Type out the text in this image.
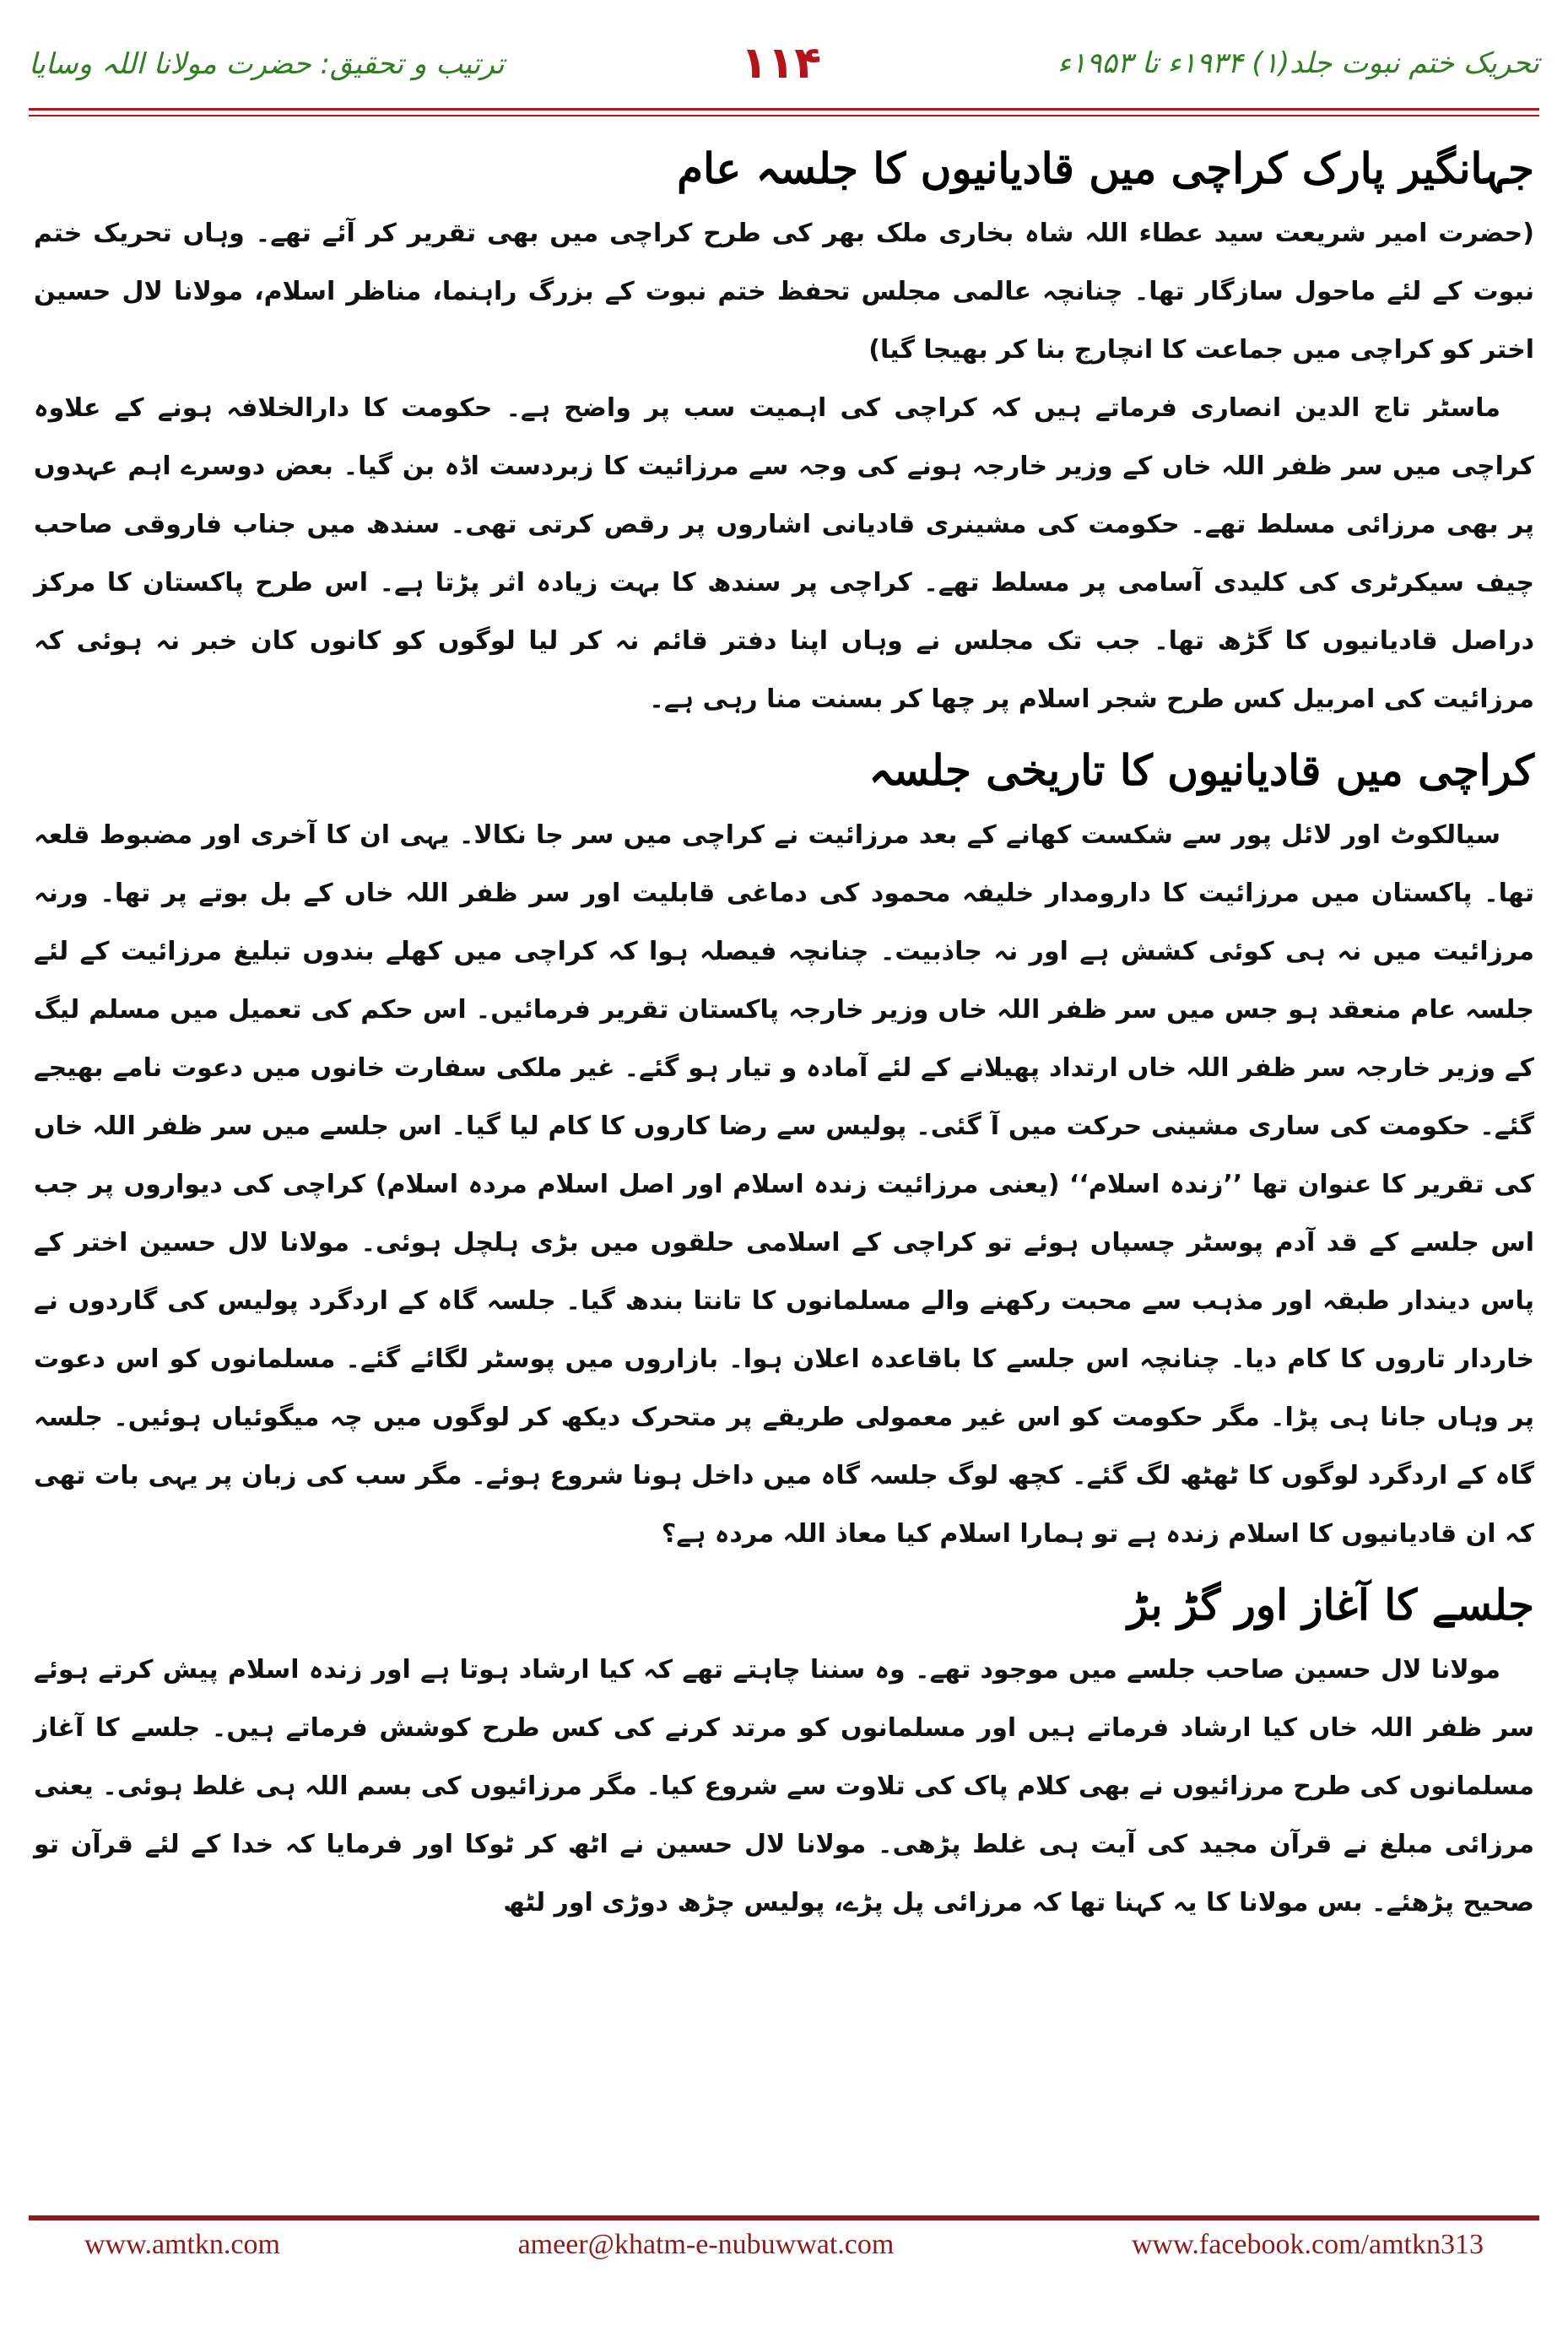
ترتیب و تحقیق: حضرت مولانا اللہ وسایا	۱۱۴	تحریک ختم نبوت جلد(۱) ۱۹۳۴ء تا ۱۹۵۳ء
جہانگیر پارک کراچی میں قادیانیوں کا جلسہ عام

(حضرت امیر شریعت سید عطاء اللہ شاہ بخاری ملک بھر کی طرح کراچی میں بھی تقریر کر آئے تھے۔ وہاں تحریک ختم نبوت کے لئے ماحول سازگار تھا۔ چنانچہ عالمی مجلس تحفظ ختم نبوت کے بزرگ راہنما، مناظر اسلام، مولانا لال حسین اختر کو کراچی میں جماعت کا انچارج بنا کر بھیجا گیا)

ماسٹر تاج الدین انصاری فرماتے ہیں کہ کراچی کی اہمیت سب پر واضح ہے۔ حکومت کا دارالخلافہ ہونے کے علاوہ کراچی میں سر ظفر اللہ خاں کے وزیر خارجہ ہونے کی وجہ سے مرزائیت کا زبردست اڈہ بن گیا۔ بعض دوسرے اہم عہدوں پر بھی مرزائی مسلط تھے۔ حکومت کی مشینری قادیانی اشاروں پر رقص کرتی تھی۔ سندھ میں جناب فاروقی صاحب چیف سیکرٹری کی کلیدی آسامی پر مسلط تھے۔ کراچی پر سندھ کا بہت زیادہ اثر پڑتا ہے۔ اس طرح پاکستان کا مرکز دراصل قادیانیوں کا گڑھ تھا۔ جب تک مجلس نے وہاں اپنا دفتر قائم نہ کر لیا لوگوں کو کانوں کان خبر نہ ہوئی کہ مرزائیت کی امربیل کس طرح شجر اسلام پر چھا کر بسنت منا رہی ہے۔

کراچی میں قادیانیوں کا تاریخی جلسہ

سیالکوٹ اور لائل پور سے شکست کھانے کے بعد مرزائیت نے کراچی میں سر جا نکالا۔ یہی ان کا آخری اور مضبوط قلعہ تھا۔ پاکستان میں مرزائیت کا دارومدار خلیفہ محمود کی دماغی قابلیت اور سر ظفر اللہ خاں کے بل بوتے پر تھا۔ ورنہ مرزائیت میں نہ ہی کوئی کشش ہے اور نہ جاذبیت۔ چنانچہ فیصلہ ہوا کہ کراچی میں کھلے بندوں تبلیغ مرزائیت کے لئے جلسہ عام منعقد ہو جس میں سر ظفر اللہ خاں وزیر خارجہ پاکستان تقریر فرمائیں۔ اس حکم کی تعمیل میں مسلم لیگ کے وزیر خارجہ سر ظفر اللہ خاں ارتداد پھیلانے کے لئے آمادہ و تیار ہو گئے۔ غیر ملکی سفارت خانوں میں دعوت نامے بھیجے گئے۔ حکومت کی ساری مشینی حرکت میں آ گئی۔ پولیس سے رضا کاروں کا کام لیا گیا۔ اس جلسے میں سر ظفر اللہ خاں کی تقریر کا عنوان تھا ’’زندہ اسلام‘‘ (یعنی مرزائیت زندہ اسلام اور اصل اسلام مردہ اسلام) کراچی کی دیواروں پر جب اس جلسے کے قد آدم پوسٹر چسپاں ہوئے تو کراچی کے اسلامی حلقوں میں بڑی ہلچل ہوئی۔ مولانا لال حسین اختر کے پاس دیندار طبقہ اور مذہب سے محبت رکھنے والے مسلمانوں کا تانتا بندھ گیا۔ جلسہ گاہ کے اردگرد پولیس کی گاردوں نے خاردار تاروں کا کام دیا۔ چنانچہ اس جلسے کا باقاعدہ اعلان ہوا۔ بازاروں میں پوسٹر لگائے گئے۔ مسلمانوں کو اس دعوت پر وہاں جانا ہی پڑا۔ مگر حکومت کو اس غیر معمولی طریقے پر متحرک دیکھ کر لوگوں میں چہ میگوئیاں ہوئیں۔ جلسہ گاہ کے اردگرد لوگوں کا ٹھٹھ لگ گئے۔ کچھ لوگ جلسہ گاہ میں داخل ہونا شروع ہوئے۔ مگر سب کی زبان پر یہی بات تھی کہ ان قادیانیوں کا اسلام زندہ ہے تو ہمارا اسلام کیا معاذ اللہ مردہ ہے؟

جلسے کا آغاز اور گڑ بڑ

مولانا لال حسین صاحب جلسے میں موجود تھے۔ وہ سننا چاہتے تھے کہ کیا ارشاد ہوتا ہے اور زندہ اسلام پیش کرتے ہوئے سر ظفر اللہ خاں کیا ارشاد فرماتے ہیں اور مسلمانوں کو مرتد کرنے کی کس طرح کوشش فرماتے ہیں۔ جلسے کا آغاز مسلمانوں کی طرح مرزائیوں نے بھی کلام پاک کی تلاوت سے شروع کیا۔ مگر مرزائیوں کی بسم اللہ ہی غلط ہوئی۔ یعنی مرزائی مبلغ نے قرآن مجید کی آیت ہی غلط پڑھی۔ مولانا لال حسین نے اٹھ کر ٹوکا اور فرمایا کہ خدا کے لئے قرآن تو صحیح پڑھئے۔ بس مولانا کا یہ کہنا تھا کہ مرزائی پل پڑے، پولیس چڑھ دوڑی اور لٹھ

www.amtkn.com	ameer@khatm-e-nubuwwat.com	www.facebook.com/amtkn313
